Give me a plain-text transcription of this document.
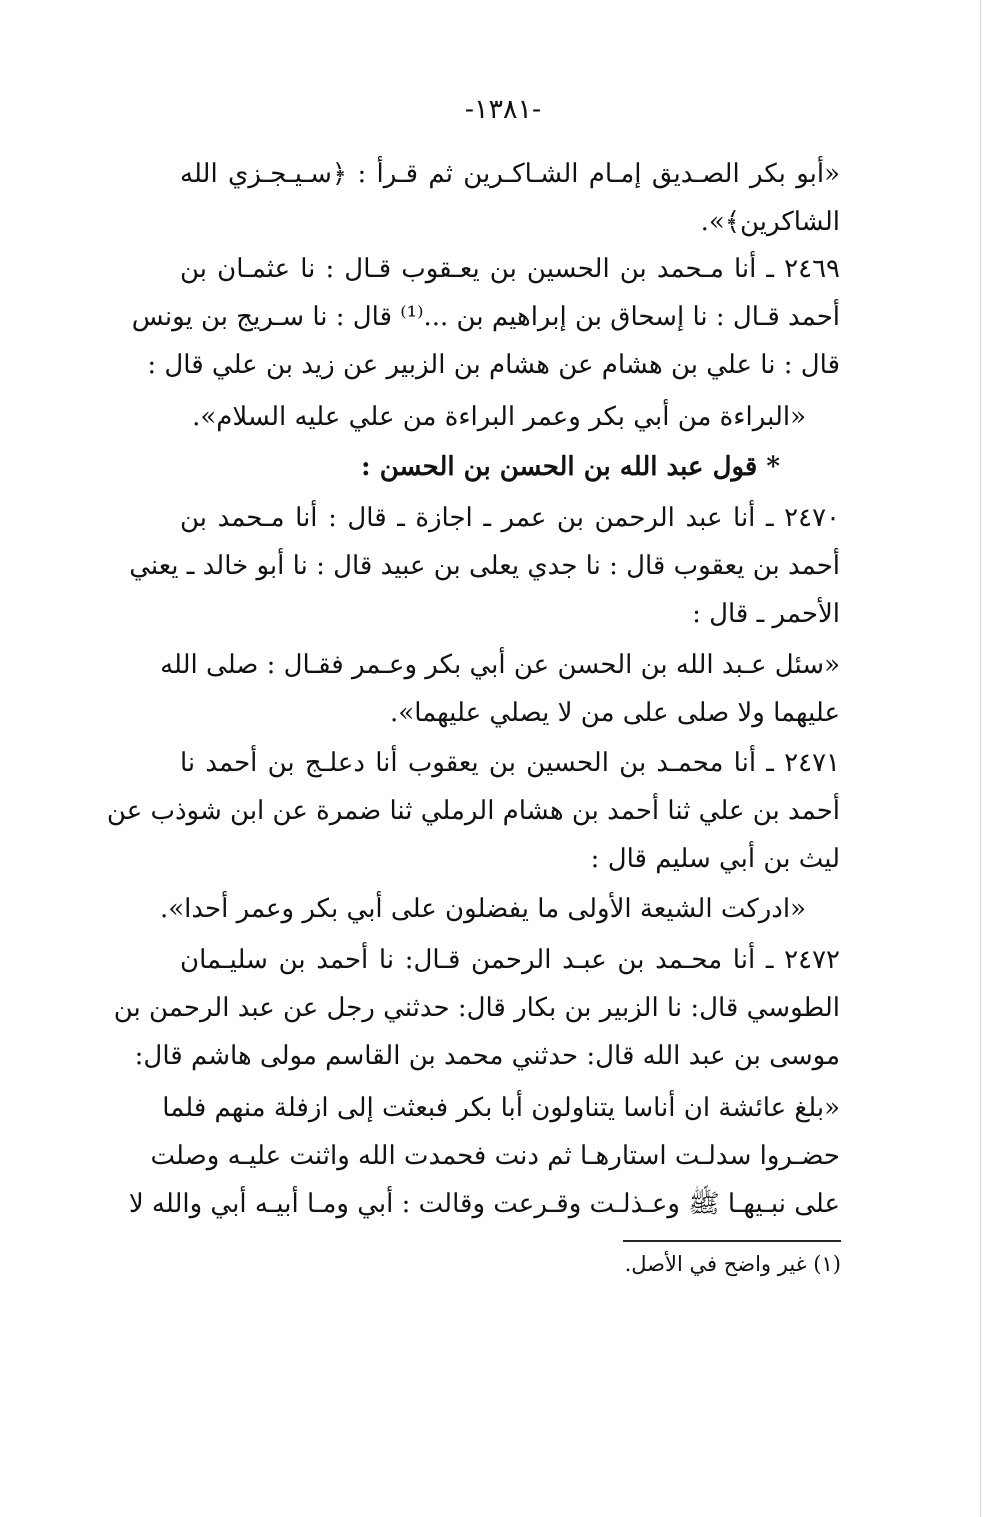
-١٣٨١-
«أبو بكر الصـديق إمـام الشـاكـرين ثم قـرأ : ﴿سـيـجـزي الله
الشاكرين﴾».
٢٤٦٩ ـ أنا مـحمد بن الحسين بن يعـقوب قـال : نا عثمـان بن
أحمد قـال : نا إسحاق بن إبراهيم بن ...⁽¹⁾ قال : نا سـريج بن يونس
قال : نا علي بن هشام عن هشام بن الزبير عن زيد بن علي قال :
«البراءة من أبي بكر وعمر البراءة من علي عليه السلام».
* قول عبد الله بن الحسن بن الحسن :
٢٤٧٠ ـ أنا عبد الرحمن بن عمر ـ اجازة ـ قال : أنا مـحمد بن
أحمد بن يعقوب قال : نا جدي يعلى بن عبيد قال : نا أبو خالد ـ يعني
الأحمر ـ قال :
«سئل عـبد الله بن الحسن عن أبي بكر وعـمر فقـال : صلى الله
عليهما ولا صلى على من لا يصلي عليهما».
٢٤٧١ ـ أنا محمـد بن الحسين بن يعقوب أنا دعلـج بن أحمد نا
أحمد بن علي ثنا أحمد بن هشام الرملي ثنا ضمرة عن ابن شوذب عن
ليث بن أبي سليم قال :
«ادركت الشيعة الأولى ما يفضلون على أبي بكر وعمر أحدا».
٢٤٧٢ ـ أنا محـمد بن عبـد الرحمن قـال: نا أحمد بن سليـمان
الطوسي قال: نا الزبير بن بكار قال: حدثني رجل عن عبد الرحمن بن
موسى بن عبد الله قال: حدثني محمد بن القاسم مولى هاشم قال:
«بلغ عائشة ان أناسا يتناولون أبا بكر فبعثت إلى ازفلة منهم فلما
حضـروا سدلـت استارهـا ثم دنت فحمدت الله واثنت عليـه وصلت
على نبـيهـا ﷺ وعـذلـت وقـرعت وقالت : أبي ومـا أبيـه أبي والله لا
(١) غير واضح في الأصل.
